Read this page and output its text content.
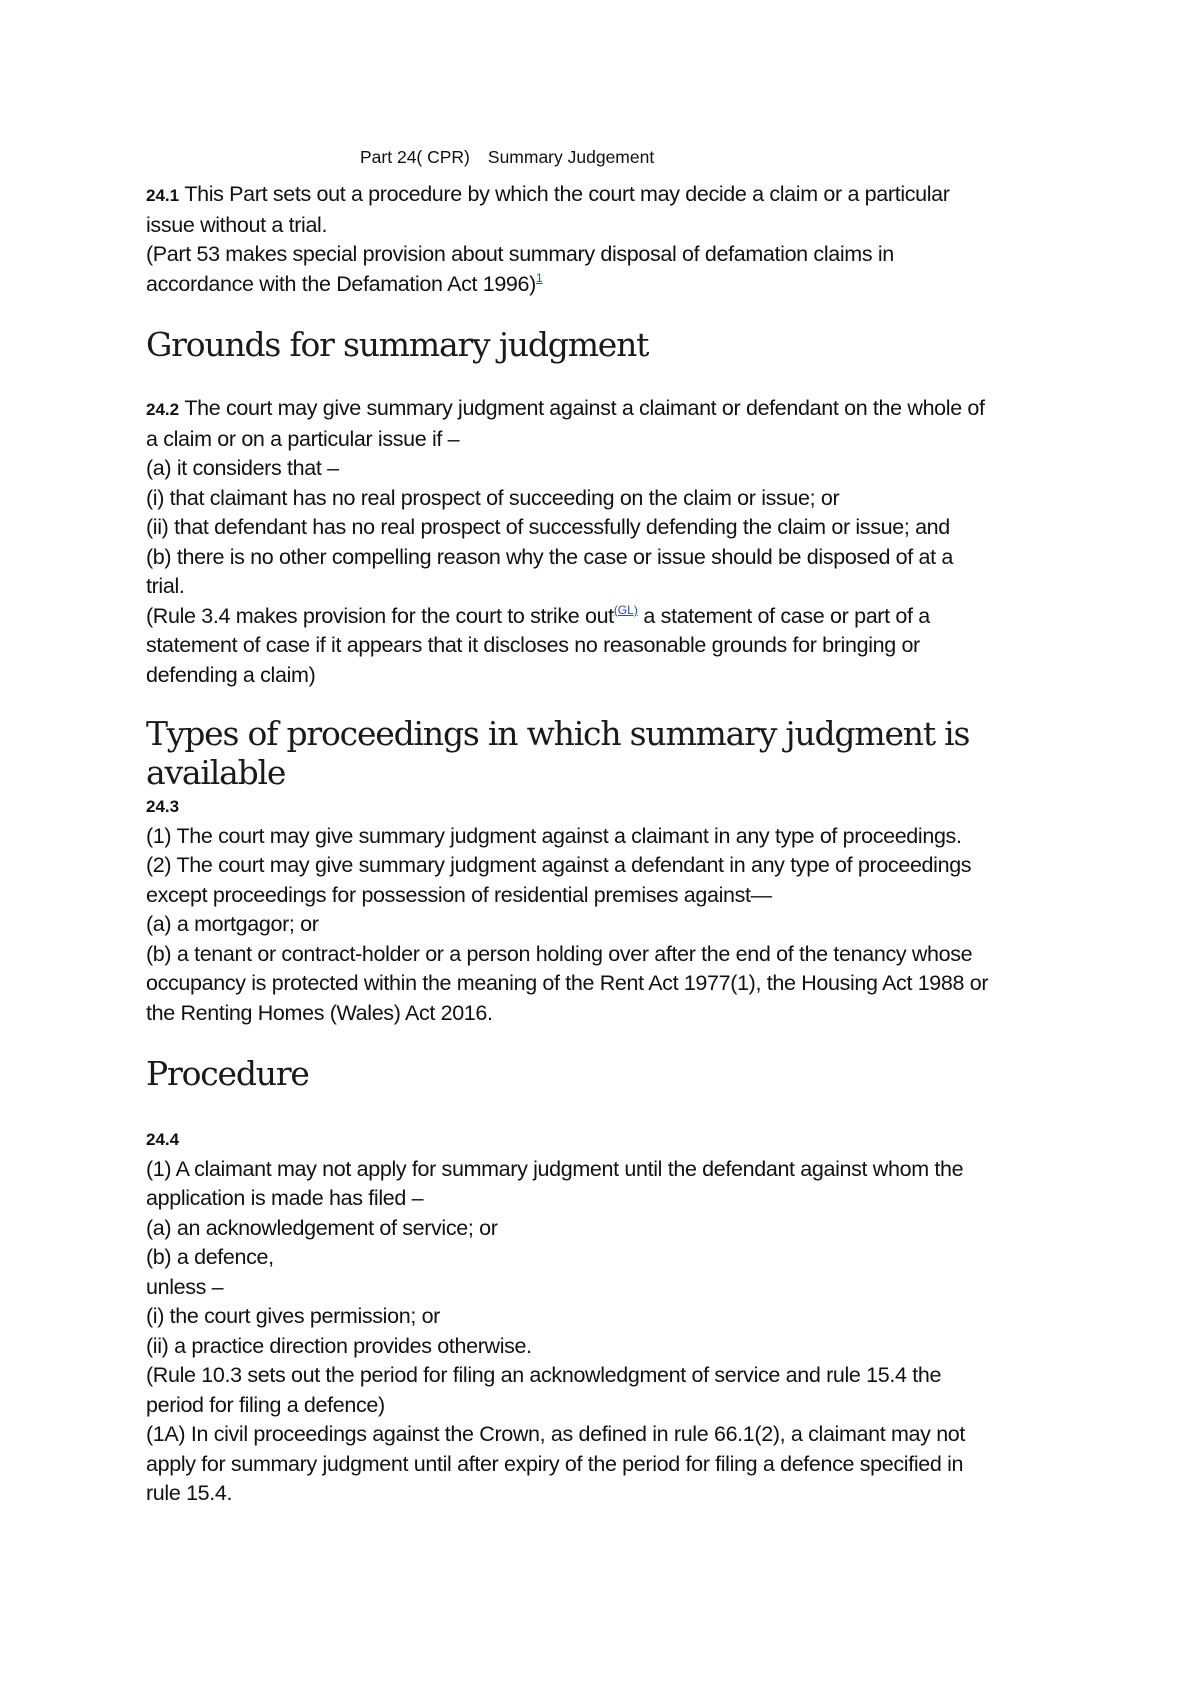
Part 24( CPR) Summary Judgement
24.1 This Part sets out a procedure by which the court may decide a claim or a particular
issue without a trial.
(Part 53 makes special provision about summary disposal of defamation claims in
accordance with the Defamation Act 1996)$^1$
Grounds for summary judgment
24.2 The court may give summary judgment against a claimant or defendant on the whole of
a claim or on a particular issue if –
(a) it considers that –
(i) that claimant has no real prospect of succeeding on the claim or issue; or
(ii) that defendant has no real prospect of successfully defending the claim or issue; and
(b) there is no other compelling reason why the case or issue should be disposed of at a
trial.
(Rule 3.4 makes provision for the court to strike out$^{(GL)}$ a statement of case or part of a
statement of case if it appears that it discloses no reasonable grounds for bringing or
defending a claim)
Types of proceedings in which summary judgment is
available
24.3
(1) The court may give summary judgment against a claimant in any type of proceedings.
(2) The court may give summary judgment against a defendant in any type of proceedings
except proceedings for possession of residential premises against—
(a) a mortgagor; or
(b) a tenant or contract-holder or a person holding over after the end of the tenancy whose
occupancy is protected within the meaning of the Rent Act 1977(1), the Housing Act 1988 or
the Renting Homes (Wales) Act 2016.
Procedure
24.4
(1) A claimant may not apply for summary judgment until the defendant against whom the
application is made has filed –
(a) an acknowledgement of service; or
(b) a defence,
unless –
(i) the court gives permission; or
(ii) a practice direction provides otherwise.
(Rule 10.3 sets out the period for filing an acknowledgment of service and rule 15.4 the
period for filing a defence)
(1A) In civil proceedings against the Crown, as defined in rule 66.1(2), a claimant may not
apply for summary judgment until after expiry of the period for filing a defence specified in
rule 15.4.
